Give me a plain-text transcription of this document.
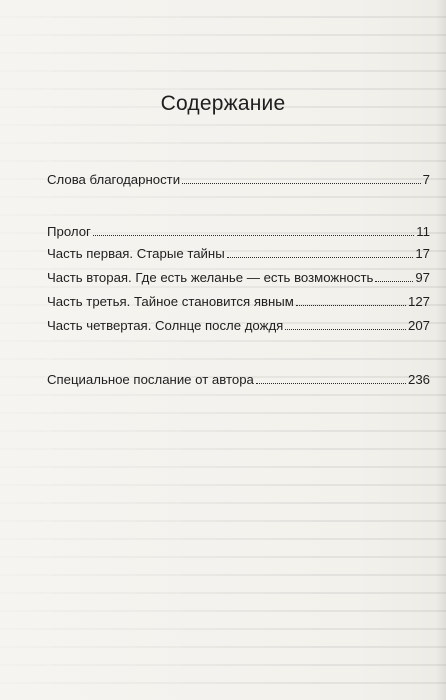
Содержание
Слова благодарности	7
Пролог	11
Часть первая. Старые тайны	17
Часть вторая. Где есть желанье — есть возможность	97
Часть третья. Тайное становится явным	127
Часть четвертая. Солнце после дождя	207
Специальное послание от автора	236
